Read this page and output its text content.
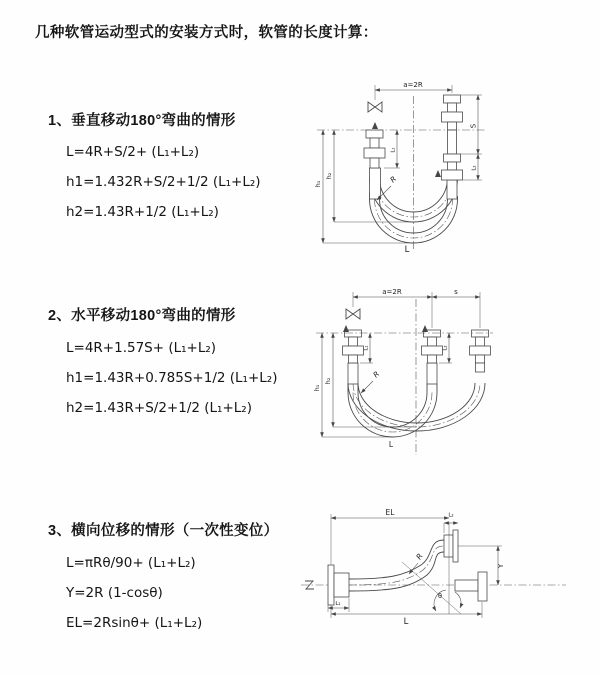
几种软管运动型式的安装方式时，软管的长度计算：
1、垂直移动180°弯曲的情形
L=4R+S/2+ (L₁+L₂)
h1=1.432R+S/2+1/2 (L₁+L₂)
h2=1.43R+1/2 (L₁+L₂)
2、水平移动180°弯曲的情形
L=4R+1.57S+ (L₁+L₂)
h1=1.43R+0.785S+1/2 (L₁+L₂)
h2=1.43R+S/2+1/2 (L₁+L₂)
3、横向位移的情形（一次性变位）
L=πRθ/90+ (L₁+L₂)
Y=2R (1-cosθ)
EL=2Rsinθ+ (L₁+L₂)
a=2R
S
L₂
L₁
h₁
h₂	R
L
a=2R	s
h₁
h₂
L₁	L₂
R
L
EL	L₂
L
Y
L₁
R
θ
